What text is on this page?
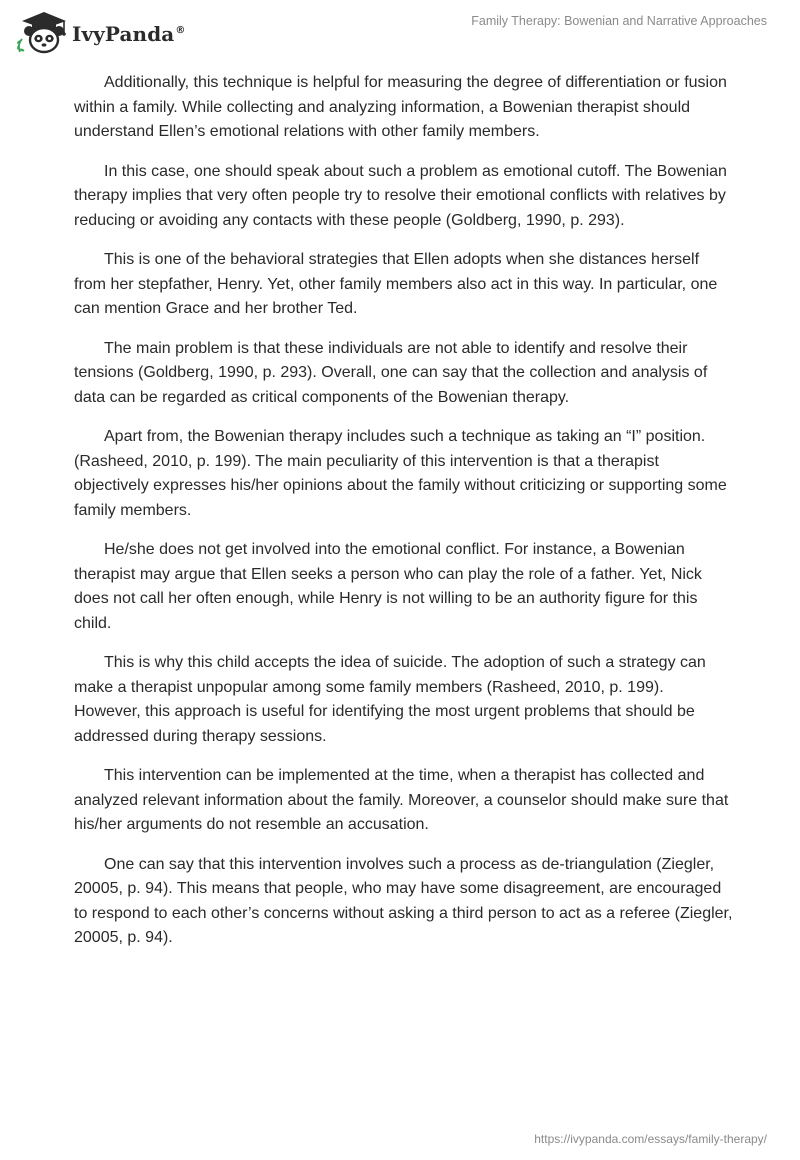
IvyPanda®
Family Therapy: Bowenian and Narrative Approaches

Additionally, this technique is helpful for measuring the degree of differentiation or fusion within a family. While collecting and analyzing information, a Bowenian therapist should understand Ellen’s emotional relations with other family members.

In this case, one should speak about such a problem as emotional cutoff. The Bowenian therapy implies that very often people try to resolve their emotional conflicts with relatives by reducing or avoiding any contacts with these people (Goldberg, 1990, p. 293).

This is one of the behavioral strategies that Ellen adopts when she distances herself from her stepfather, Henry. Yet, other family members also act in this way. In particular, one can mention Grace and her brother Ted.

The main problem is that these individuals are not able to identify and resolve their tensions (Goldberg, 1990, p. 293). Overall, one can say that the collection and analysis of data can be regarded as critical components of the Bowenian therapy.

Apart from, the Bowenian therapy includes such a technique as taking an “I” position. (Rasheed, 2010, p. 199). The main peculiarity of this intervention is that a therapist objectively expresses his/her opinions about the family without criticizing or supporting some family members.

He/she does not get involved into the emotional conflict. For instance, a Bowenian therapist may argue that Ellen seeks a person who can play the role of a father. Yet, Nick does not call her often enough, while Henry is not willing to be an authority figure for this child.

This is why this child accepts the idea of suicide. The adoption of such a strategy can make a therapist unpopular among some family members (Rasheed, 2010, p. 199). However, this approach is useful for identifying the most urgent problems that should be addressed during therapy sessions.

This intervention can be implemented at the time, when a therapist has collected and analyzed relevant information about the family. Moreover, a counselor should make sure that his/her arguments do not resemble an accusation.

One can say that this intervention involves such a process as de-triangulation (Ziegler, 20005, p. 94). This means that people, who may have some disagreement, are encouraged to respond to each other’s concerns without asking a third person to act as a referee (Ziegler, 20005, p. 94).

https://ivypanda.com/essays/family-therapy/
